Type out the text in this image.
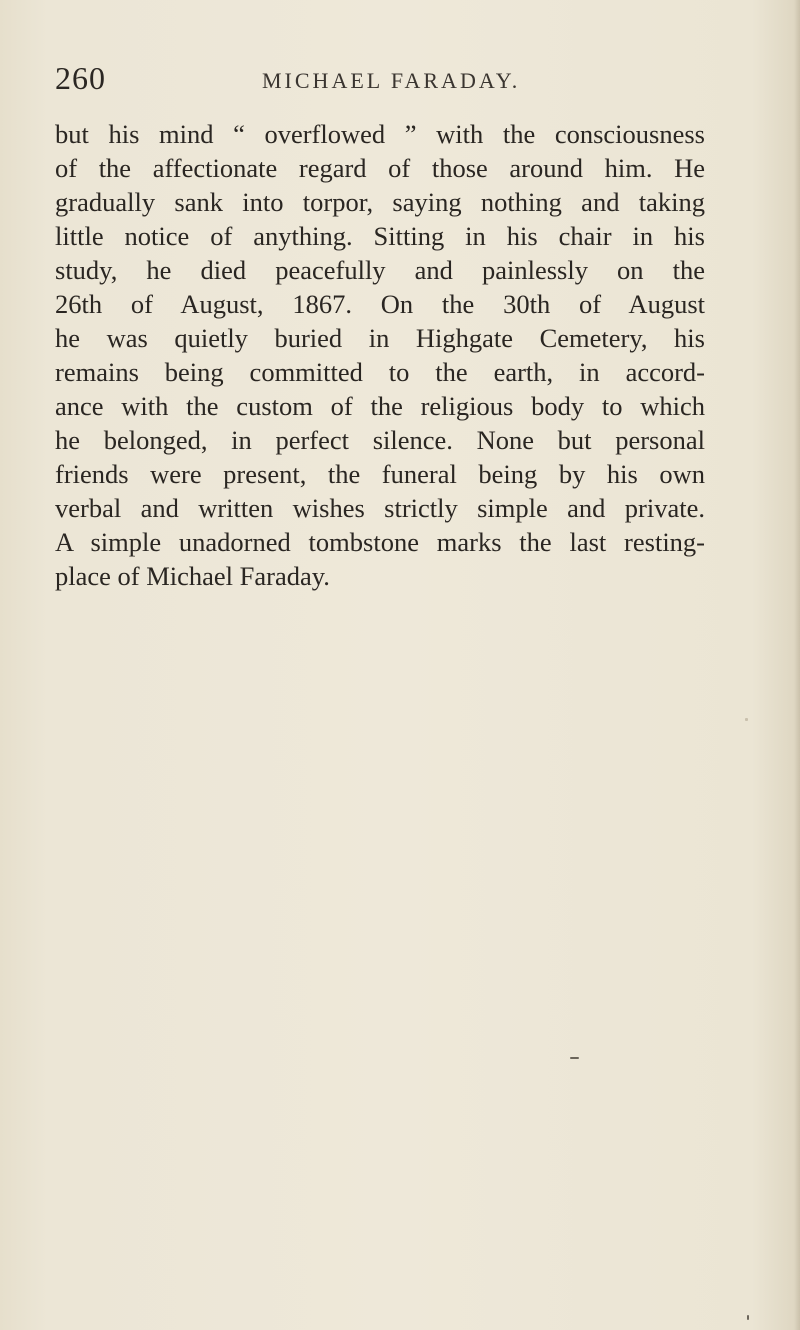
260	MICHAEL FARADAY.
but his mind “ overflowed ” with the consciousness
of the affectionate regard of those around him. He
gradually sank into torpor, saying nothing and taking
little notice of anything. Sitting in his chair in his
study, he died peacefully and painlessly on the
26th of August, 1867. On the 30th of August
he was quietly buried in Highgate Cemetery, his
remains being committed to the earth, in accord-
ance with the custom of the religious body to which
he belonged, in perfect silence. None but personal
friends were present, the funeral being by his own
verbal and written wishes strictly simple and private.
A simple unadorned tombstone marks the last resting-
place of Michael Faraday.
